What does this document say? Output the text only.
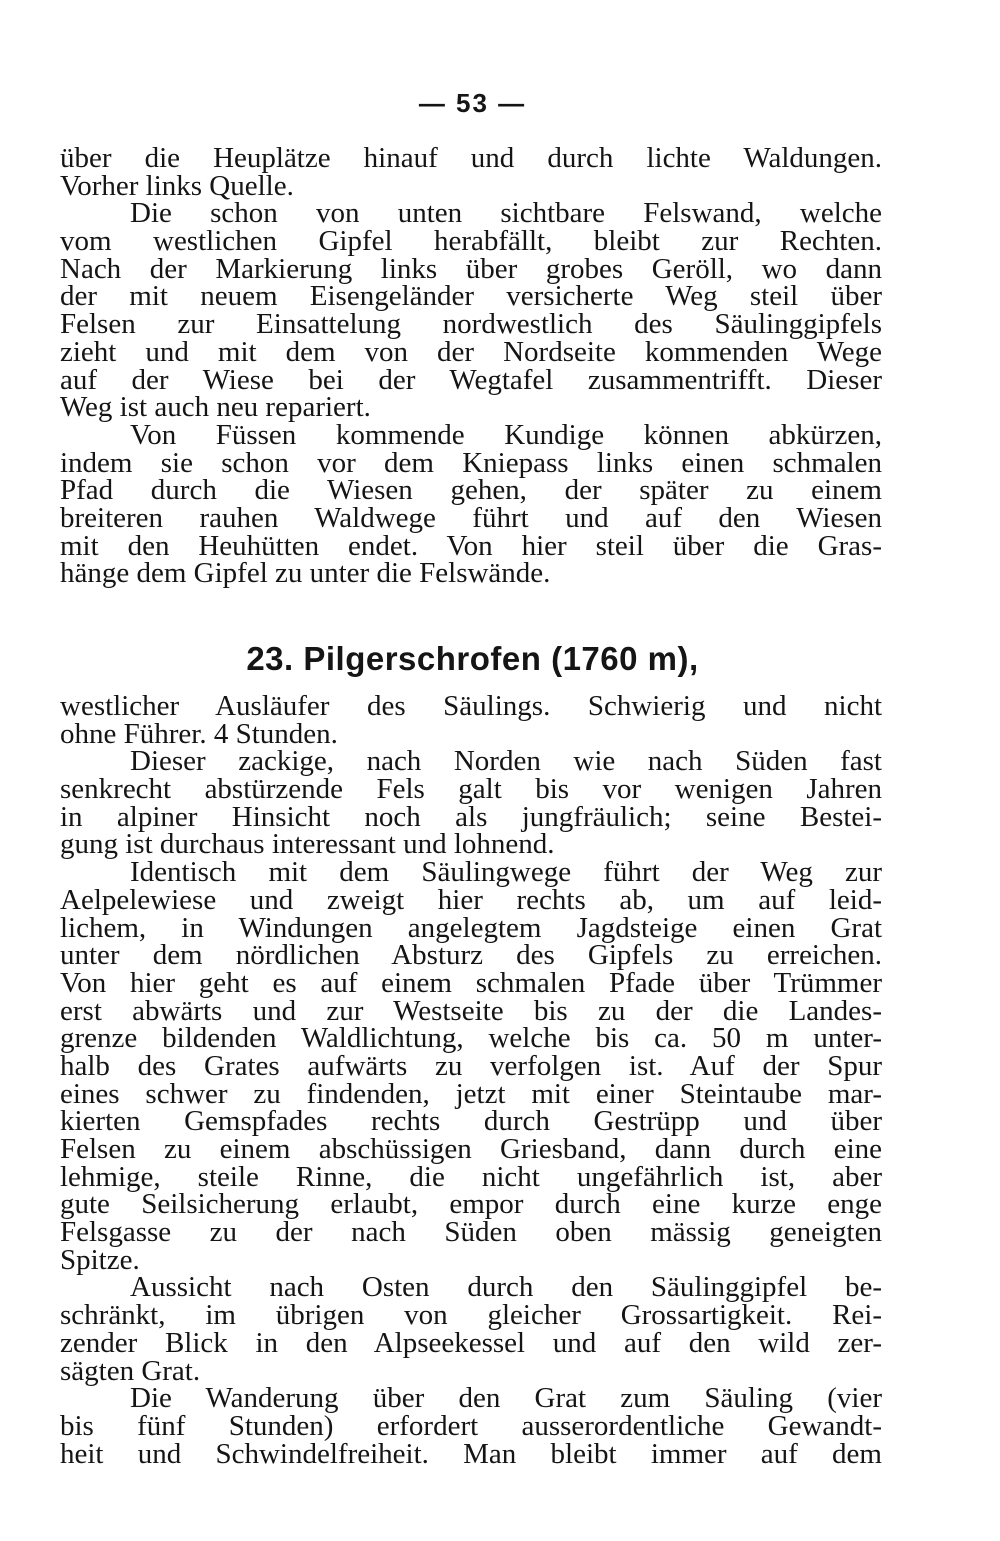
— 53 —
über die Heuplätze hinauf und durch lichte Waldungen.
Vorher links Quelle.
Die schon von unten sichtbare Felswand, welche
vom westlichen Gipfel herabfällt, bleibt zur Rechten.
Nach der Markierung links über grobes Geröll, wo dann
der mit neuem Eisengeländer versicherte Weg steil über
Felsen zur Einsattelung nordwestlich des Säulinggipfels
zieht und mit dem von der Nordseite kommenden Wege
auf der Wiese bei der Wegtafel zusammentrifft. Dieser
Weg ist auch neu repariert.
Von Füssen kommende Kundige können abkürzen,
indem sie schon vor dem Kniepass links einen schmalen
Pfad durch die Wiesen gehen, der später zu einem
breiteren rauhen Waldwege führt und auf den Wiesen
mit den Heuhütten endet. Von hier steil über die Gras-
hänge dem Gipfel zu unter die Felswände.
23. Pilgerschrofen (1760 m),
westlicher Ausläufer des Säulings. Schwierig und nicht
ohne Führer. 4 Stunden.
Dieser zackige, nach Norden wie nach Süden fast
senkrecht abstürzende Fels galt bis vor wenigen Jahren
in alpiner Hinsicht noch als jungfräulich; seine Bestei-
gung ist durchaus interessant und lohnend.
Identisch mit dem Säulingwege führt der Weg zur
Aelpelewiese und zweigt hier rechts ab, um auf leid-
lichem, in Windungen angelegtem Jagdsteige einen Grat
unter dem nördlichen Absturz des Gipfels zu erreichen.
Von hier geht es auf einem schmalen Pfade über Trümmer
erst abwärts und zur Westseite bis zu der die Landes-
grenze bildenden Waldlichtung, welche bis ca. 50 m unter-
halb des Grates aufwärts zu verfolgen ist. Auf der Spur
eines schwer zu findenden, jetzt mit einer Steintaube mar-
kierten Gemspfades rechts durch Gestrüpp und über
Felsen zu einem abschüssigen Griesband, dann durch eine
lehmige, steile Rinne, die nicht ungefährlich ist, aber
gute Seilsicherung erlaubt, empor durch eine kurze enge
Felsgasse zu der nach Süden oben mässig geneigten
Spitze.
Aussicht nach Osten durch den Säulinggipfel be-
schränkt, im übrigen von gleicher Grossartigkeit. Rei-
zender Blick in den Alpseekessel und auf den wild zer-
sägten Grat.
Die Wanderung über den Grat zum Säuling (vier
bis fünf Stunden) erfordert ausserordentliche Gewandt-
heit und Schwindelfreiheit. Man bleibt immer auf dem
